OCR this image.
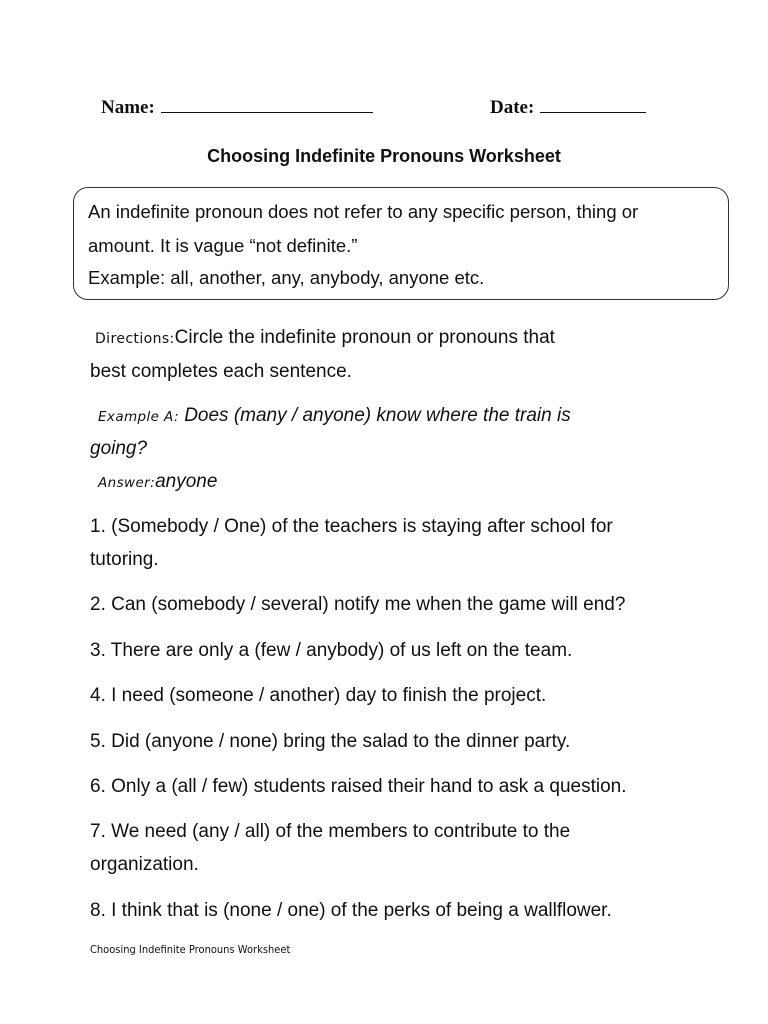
Name:	Date:
Choosing Indefinite Pronouns Worksheet
An indefinite pronoun does not refer to any specific person, thing or
amount. It is vague “not definite.”
Example: all, another, any, anybody, anyone etc.
Directions:Circle the indefinite pronoun or pronouns that
best completes each sentence.
Example A: Does (many / anyone) know where the train is
going?
Answer:anyone
1. (Somebody / One) of the teachers is staying after school for
tutoring.
2. Can (somebody / several) notify me when the game will end?
3. There are only a (few / anybody) of us left on the team.
4. I need (someone / another) day to finish the project.
5. Did (anyone / none) bring the salad to the dinner party.
6. Only a (all / few) students raised their hand to ask a question.
7. We need (any / all) of the members to contribute to the
organization.
8. I think that is (none / one) of the perks of being a wallflower.
Choosing Indefinite Pronouns Worksheet
